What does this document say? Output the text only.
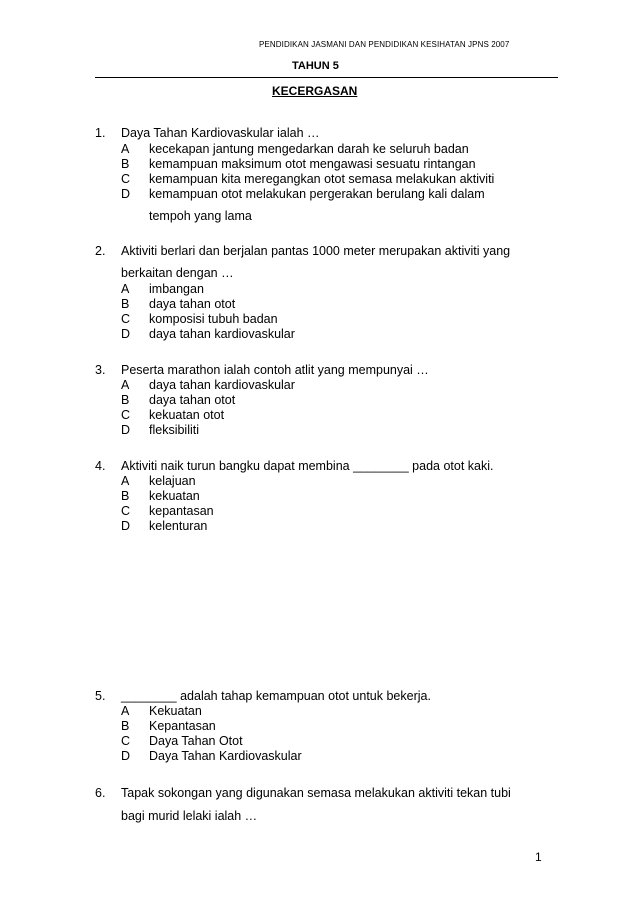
PENDIDIKAN JASMANI DAN PENDIDIKAN KESIHATAN JPNS 2007
TAHUN 5
KECERGASAN
1. Daya Tahan Kardiovaskular ialah …
A kecekapan jantung mengedarkan darah ke seluruh badan
B kemampuan maksimum otot mengawasi sesuatu rintangan
C kemampuan kita meregangkan otot semasa melakukan aktiviti
D kemampuan otot melakukan pergerakan berulang kali dalam
tempoh yang lama
2. Aktiviti berlari dan berjalan pantas 1000 meter merupakan aktiviti yang
berkaitan dengan …
A imbangan
B daya tahan otot
C komposisi tubuh badan
D daya tahan kardiovaskular
3. Peserta marathon ialah contoh atlit yang mempunyai …
A daya tahan kardiovaskular
B daya tahan otot
C kekuatan otot
D fleksibiliti
4. Aktiviti naik turun bangku dapat membina ________ pada otot kaki.
A kelajuan
B kekuatan
C kepantasan
D kelenturan
5. ________ adalah tahap kemampuan otot untuk bekerja.
A Kekuatan
B Kepantasan
C Daya Tahan Otot
D Daya Tahan Kardiovaskular
6. Tapak sokongan yang digunakan semasa melakukan aktiviti tekan tubi
bagi murid lelaki ialah …
1
